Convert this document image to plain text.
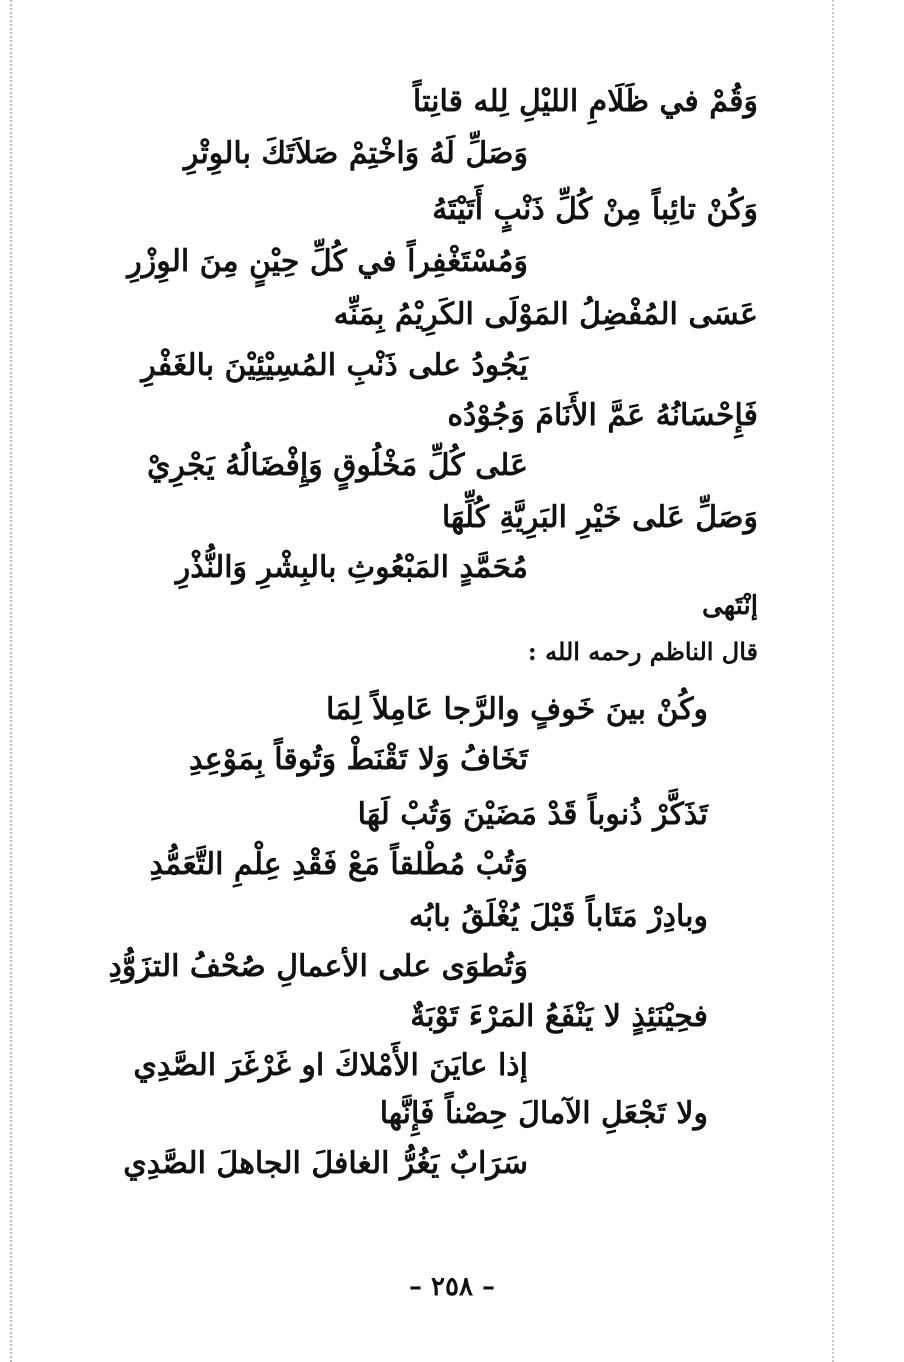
وَقُمْ في ظَلَامِ الليْلِ لِله قانِتاً
وَصَلِّ لَهُ وَاخْتِمْ صَلاَتَكَ بالوِتْرِ
وَكُنْ تائِباً مِنْ كُلِّ ذَنْبٍ أَتَيْتَهُ
وَمُسْتَغْفِراً في كُلِّ حِيْنٍ مِنَ الوِزْرِ
عَسَى المُفْضِلُ المَوْلَى الكَرِيْمُ بِمَنِّه
يَجُودُ على ذَنْبِ المُسِيْئِيْنَ بالغَفْرِ
فَإِحْسَانُهُ عَمَّ الأَنَامَ وَجُوْدُه
عَلى كُلِّ مَخْلُوقٍ وَإِفْضَالُهُ يَجْرِيْ
وَصَلِّ عَلى خَيْرِ البَرِيَّةِ كُلِّهَا
مُحَمَّدٍ المَبْعُوثِ بالبِشْرِ وَالنُّذْرِ
إنْتَهى
قال الناظم رحمه الله :
وكُنْ بينَ خَوفٍ والرَّجا عَامِلاً لِمَا
تَخَافُ وَلا تَقْنَطْ وَتُوقاً بِمَوْعِدِ
تَذَكَّرْ ذُنوباً قَدْ مَضَيْنَ وَتُبْ لَهَا
وَتُبْ مُطْلقاً مَعْ فَقْدِ عِلْمِ التَّعَمُّدِ
وبادِرْ مَتَاباً قَبْلَ يُغْلَقُ بابُه
وَتُطوَى على الأعمالِ صُحْفُ التزَوُّدِ
فحِيْنَئِذٍ لا يَنْفَعُ المَرْءَ تَوْبَةٌ
إذا عايَنَ الأَمْلاكَ او غَرْغَرَ الصَّدِي
ولا تَجْعَلِ الآمالَ حِصْناً فَإِنَّها
سَرَابٌ يَغُرُّ الغافلَ الجاهلَ الصَّدِي
– ٢٥٨ –
